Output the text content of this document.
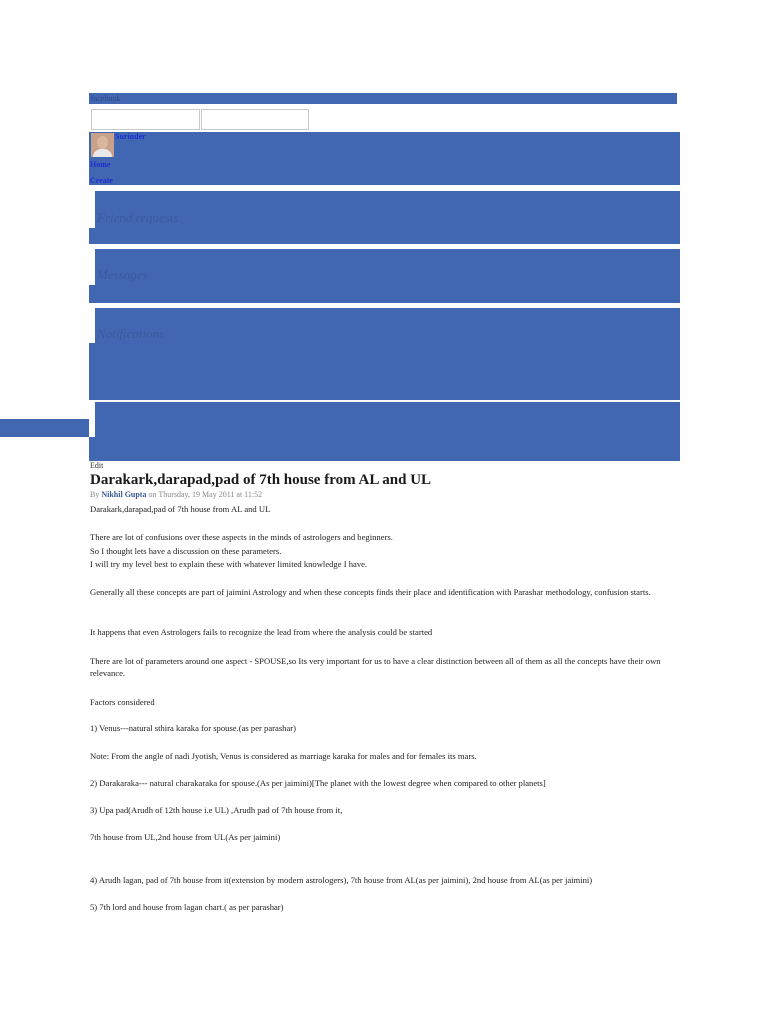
facebook
Surinder
Home
Create
Friend requests
Messages
Notifications
Edit
Darakark,darapad,pad of 7th house from AL and UL
By Nikhil Gupta on Thursday, 19 May 2011 at 11:52

Darakark,darapad,pad of 7th house from AL and UL

There are lot of confusions over these aspects in the minds of astrologers and beginners.

So I thought lets have a discussion on these parameters.

I will try my level best to explain these with whatever limited knowledge I have.

Generally all these concepts are part of jaimini Astrology and when these concepts finds their place and identification with Parashar methodology, confusion starts.

It happens that even Astrologers fails to recognize the lead from where the analysis could be started

There are lot of parameters around one aspect - SPOUSE,so Its very important for us to have a clear distinction between all of them as all the concepts have their own relevance.

Factors considered

1) Venus---natural sthira karaka for spouse.(as per parashar)

Note: From the angle of nadi Jyotish, Venus is considered as marriage karaka for males and for females its mars.

2) Darakaraka--- natural charakaraka for spouse.(As per jaimini)[The planet with the lowest degree when compared to other planets]

3) Upa pad(Arudh of 12th house i.e UL) ,Arudh pad of 7th house from it,

7th house from UL,2nd house from UL(As per jaimini)

4) Arudh lagan, pad of 7th house from it(extension by modern astrologers), 7th house from AL(as per jaimini), 2nd house from AL(as per jaimini)

5) 7th lord and house from lagan chart.( as per parashar)
